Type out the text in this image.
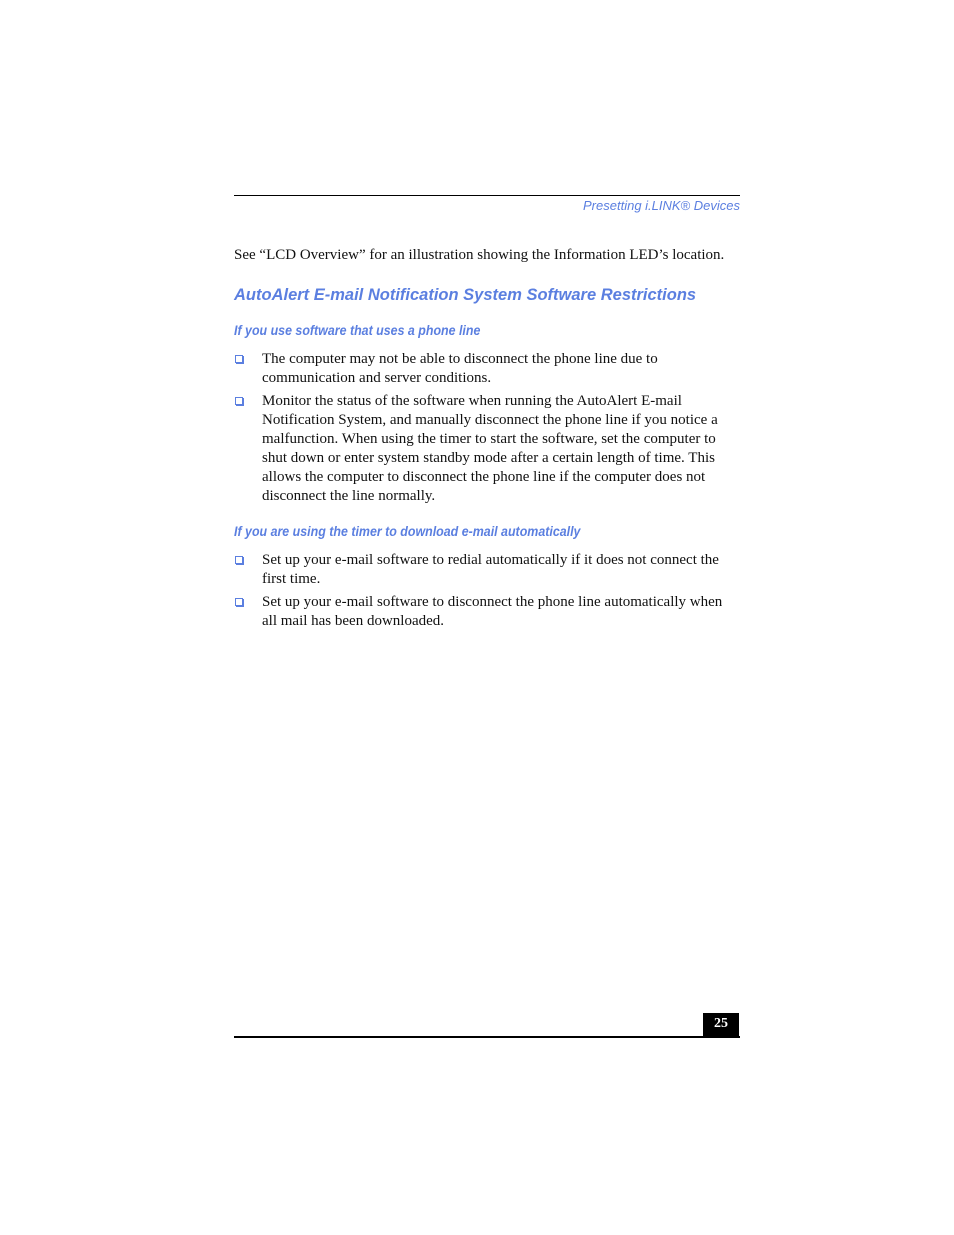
Presetting i.LINK® Devices

See “LCD Overview” for an illustration showing the Information LED’s location.

AutoAlert E-mail Notification System Software Restrictions
If you use software that uses a phone line
The computer may not be able to disconnect the phone line due to communication and server conditions.
Monitor the status of the software when running the AutoAlert E-mail Notification System, and manually disconnect the phone line if you notice a malfunction. When using the timer to start the software, set the computer to shut down or enter system standby mode after a certain length of time. This allows the computer to disconnect the phone line if the computer does not disconnect the line normally.
If you are using the timer to download e-mail automatically
Set up your e-mail software to redial automatically if it does not connect the first time.
Set up your e-mail software to disconnect the phone line automatically when all mail has been downloaded.
25
